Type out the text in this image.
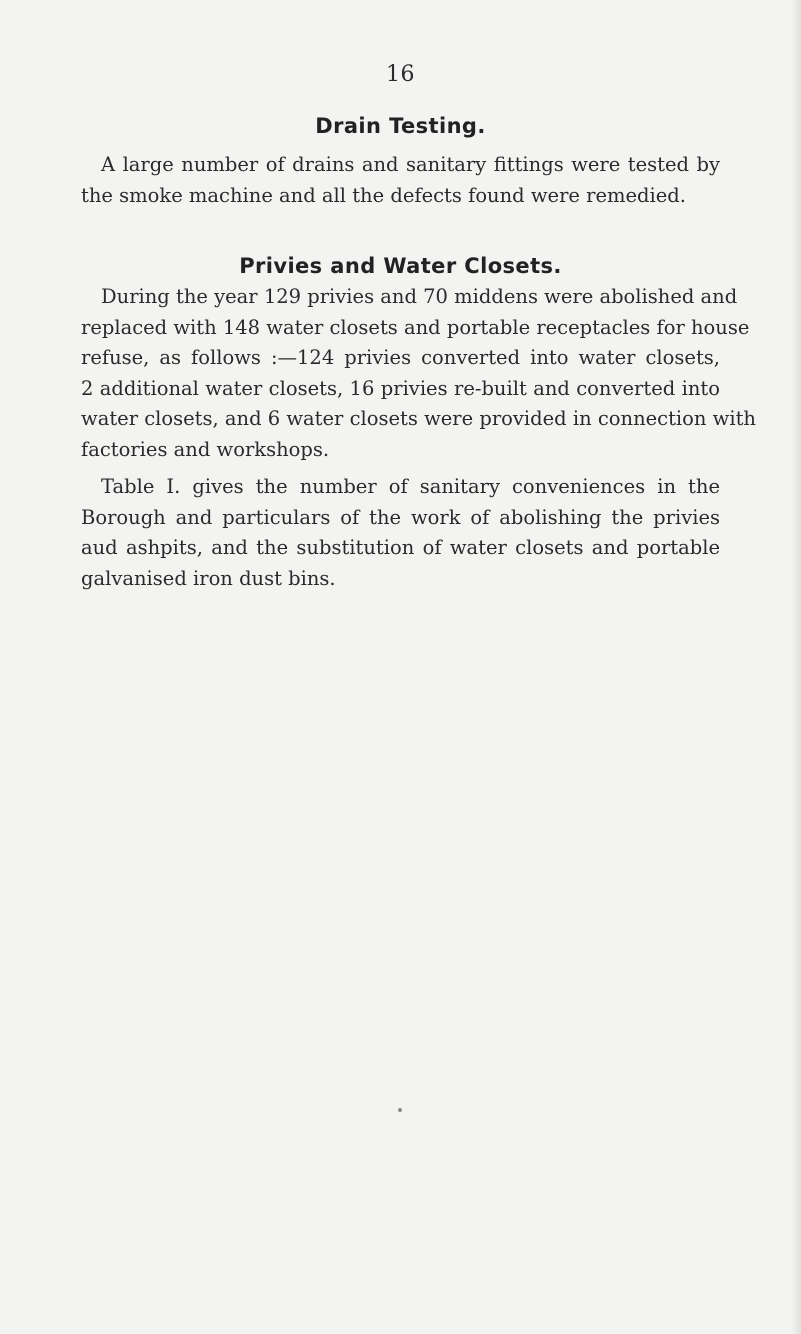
16
Drain Testing.

A large number of drains and sanitary fittings were tested by
the smoke machine and all the defects found were remedied.

Privies and Water Closets.

During the year 129 privies and 70 middens were abolished and
replaced with 148 water closets and portable receptacles for house
refuse, as follows :—124 privies converted into water closets,
2 additional water closets, 16 privies re-built and converted into
water closets, and 6 water closets were provided in connection with
factories and workshops.

Table I. gives the number of sanitary conveniences in the
Borough and particulars of the work of abolishing the privies
aud ashpits, and the substitution of water closets and portable
galvanised iron dust bins.
